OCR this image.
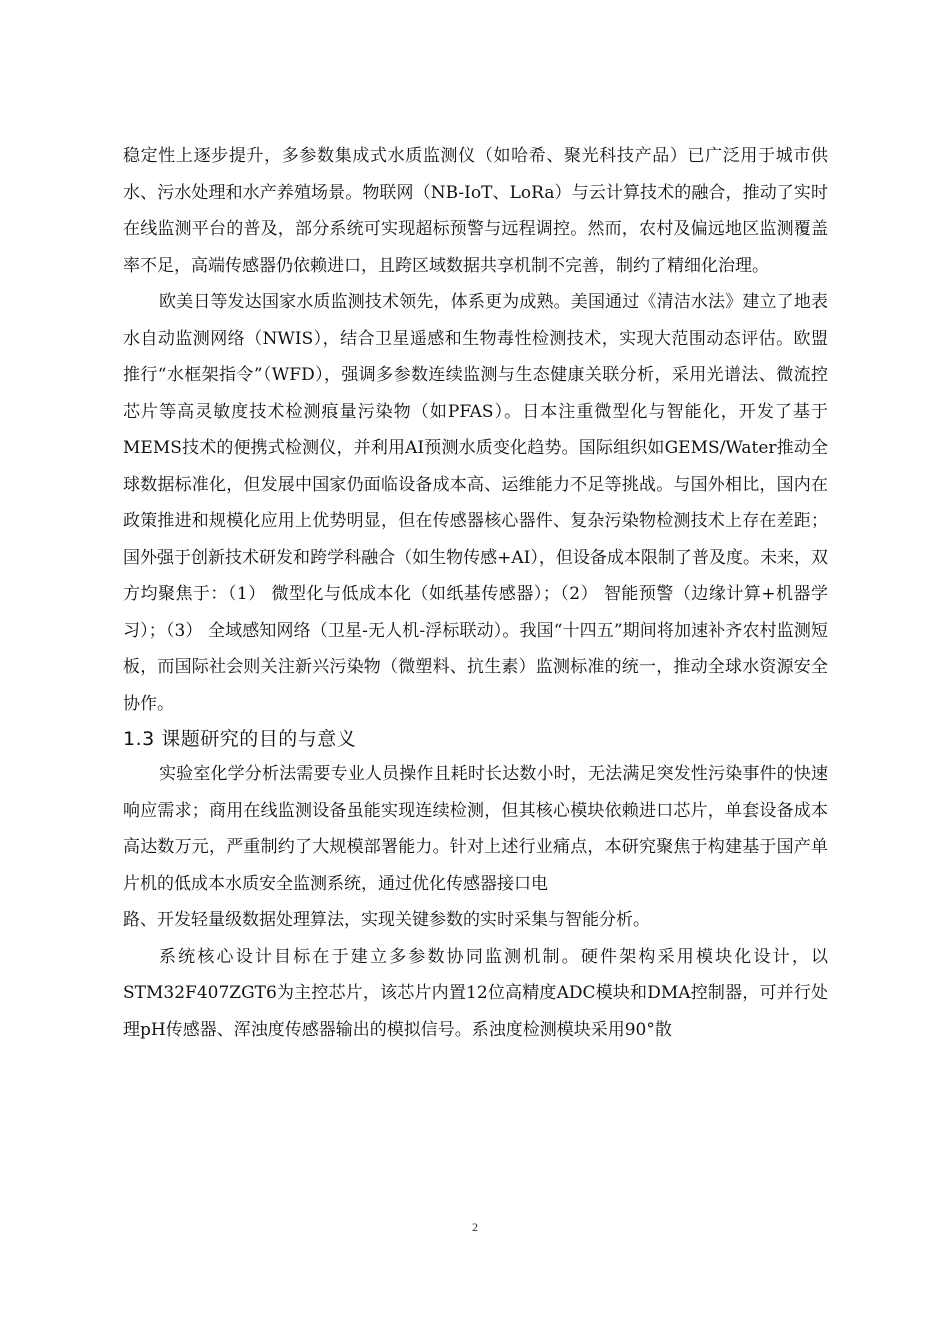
稳定性上逐步提升，多参数集成式水质监测仪（如哈希、聚光科技产品）已广泛用于城市供水、污水处理和水产养殖场景。物联网（NB-IoT、LoRa）与云计算技术的融合，推动了实时在线监测平台的普及，部分系统可实现超标预警与远程调控。然而，农村及偏远地区监测覆盖率不足，高端传感器仍依赖进口，且跨区域数据共享机制不完善，制约了精细化治理。

欧美日等发达国家水质监测技术领先，体系更为成熟。美国通过《清洁水法》建立了地表水自动监测网络（NWIS），结合卫星遥感和生物毒性检测技术，实现大范围动态评估。欧盟推行“水框架指令”（WFD），强调多参数连续监测与生态健康关联分析，采用光谱法、微流控芯片等高灵敏度技术检测痕量污染物（如PFAS）。日本注重微型化与智能化，开发了基于MEMS技术的便携式检测仪，并利用AI预测水质变化趋势。国际组织如GEMS/Water推动全球数据标准化，但发展中国家仍面临设备成本高、运维能力不足等挑战。与国外相比，国内在政策推进和规模化应用上优势明显，但在传感器核心器件、复杂污染物检测技术上存在差距；国外强于创新技术研发和跨学科融合（如生物传感+AI），但设备成本限制了普及度。未来，双方均聚焦于：（1） 微型化与低成本化（如纸基传感器）；（2） 智能预警（边缘计算+机器学习）；（3） 全域感知网络（卫星-无人机-浮标联动）。我国“十四五”期间将加速补齐农村监测短板，而国际社会则关注新兴污染物（微塑料、抗生素）监测标准的统一，推动全球水资源安全协作。

1.3 课题研究的目的与意义

实验室化学分析法需要专业人员操作且耗时长达数小时，无法满足突发性污染事件的快速响应需求；商用在线监测设备虽能实现连续检测，但其核心模块依赖进口芯片，单套设备成本高达数万元，严重制约了大规模部署能力。针对上述行业痛点，本研究聚焦于构建基于国产单片机的低成本水质安全监测系统，通过优化传感器接口电

路、开发轻量级数据处理算法，实现关键参数的实时采集与智能分析。

系统核心设计目标在于建立多参数协同监测机制。硬件架构采用模块化设计，以STM32F407ZGT6为主控芯片，该芯片内置12位高精度ADC模块和DMA控制器，可并行处理pH传感器、浑浊度传感器输出的模拟信号。系浊度检测模块采用90°散

2
